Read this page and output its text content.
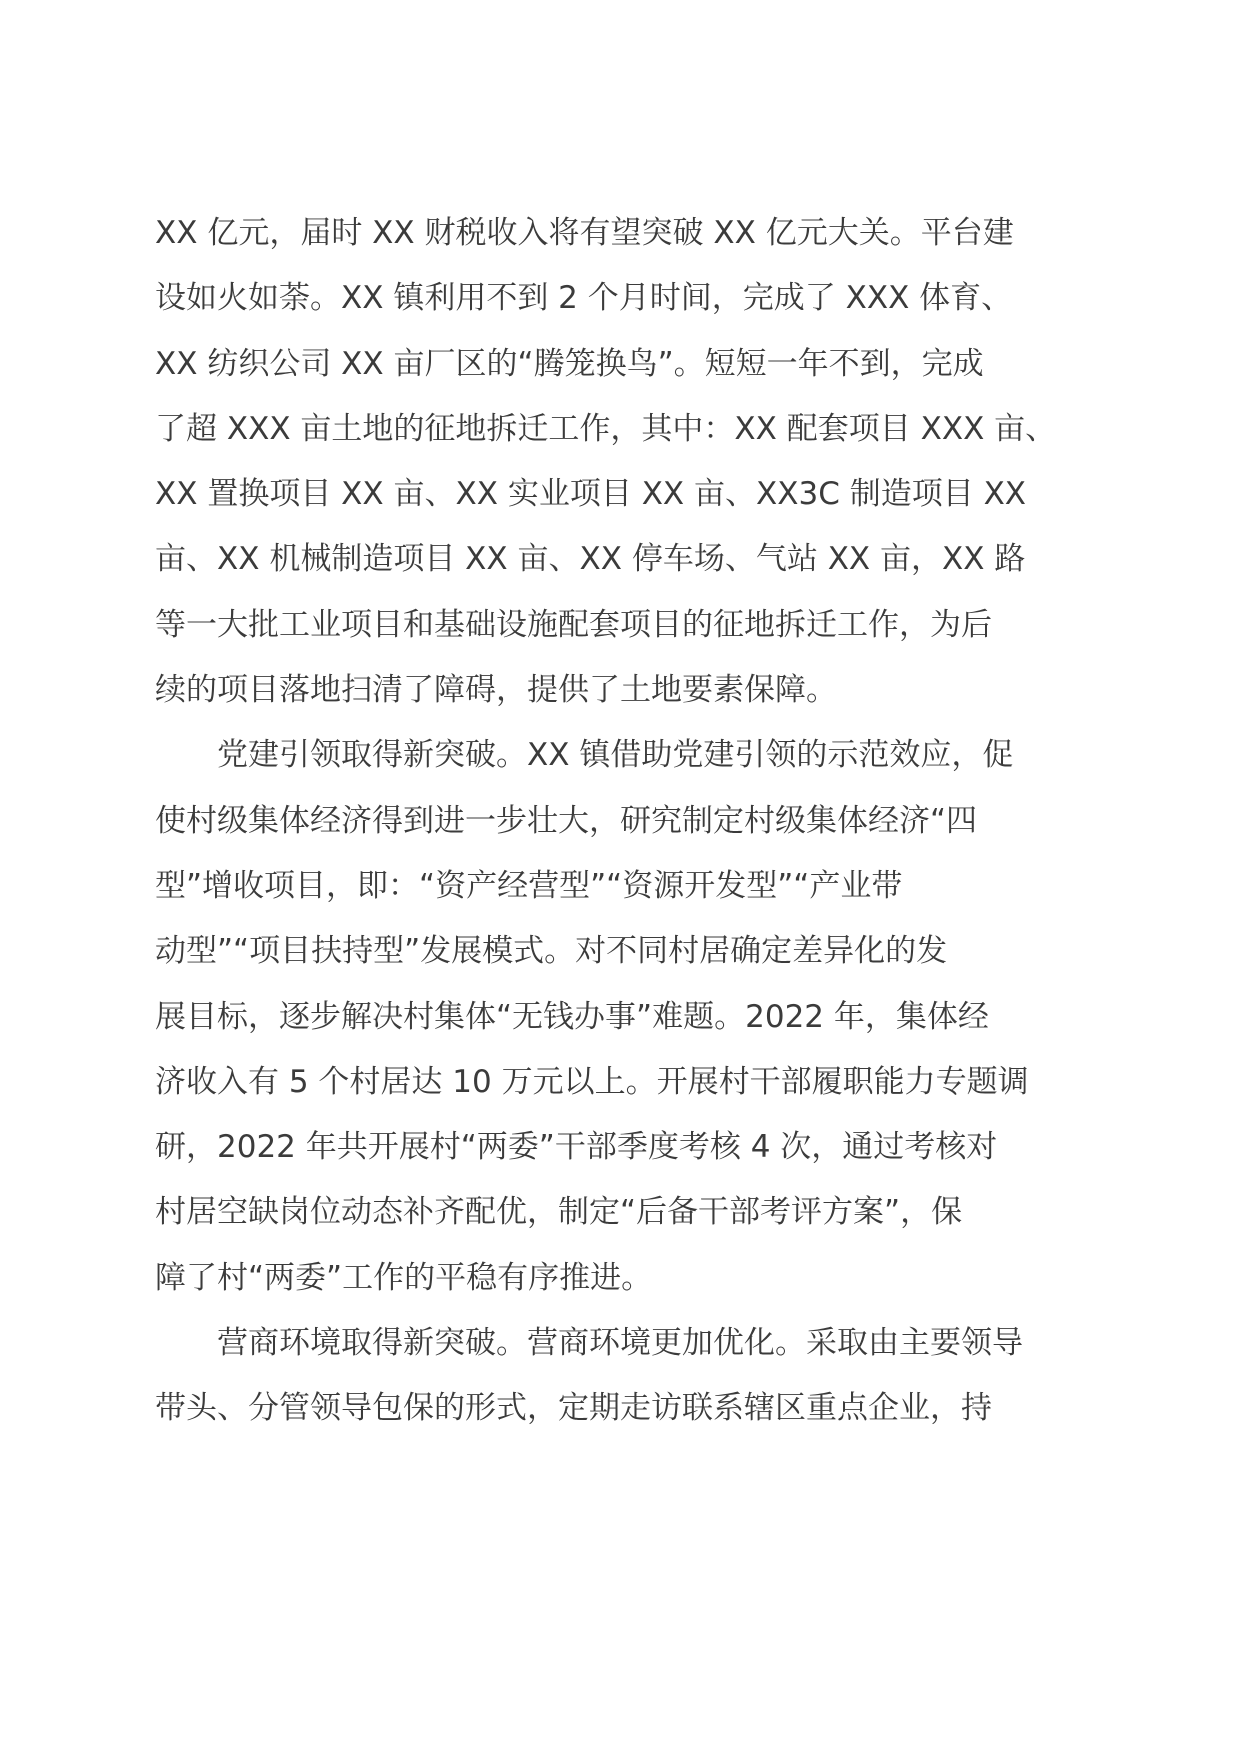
XX 亿元，届时 XX 财税收入将有望突破 XX 亿元大关。平台建
设如火如荼。XX 镇利用不到 2 个月时间，完成了 XXX 体育、
XX 纺织公司 XX 亩厂区的“腾笼换鸟”。短短一年不到，完成
了超 XXX 亩土地的征地拆迁工作，其中：XX 配套项目 XXX 亩、
XX 置换项目 XX 亩、XX 实业项目 XX 亩、XX3C 制造项目 XX
亩、XX 机械制造项目 XX 亩、XX 停车场、气站 XX 亩，XX 路
等一大批工业项目和基础设施配套项目的征地拆迁工作，为后
续的项目落地扫清了障碍，提供了土地要素保障。
　　党建引领取得新突破。XX 镇借助党建引领的示范效应，促
使村级集体经济得到进一步壮大，研究制定村级集体经济“四
型”增收项目，即：“资产经营型”“资源开发型”“产业带
动型”“项目扶持型”发展模式。对不同村居确定差异化的发
展目标，逐步解决村集体“无钱办事”难题。2022 年，集体经
济收入有 5 个村居达 10 万元以上。开展村干部履职能力专题调
研，2022 年共开展村“两委”干部季度考核 4 次，通过考核对
村居空缺岗位动态补齐配优，制定“后备干部考评方案”，保
障了村“两委”工作的平稳有序推进。
　　营商环境取得新突破。营商环境更加优化。采取由主要领导
带头、分管领导包保的形式，定期走访联系辖区重点企业，持
